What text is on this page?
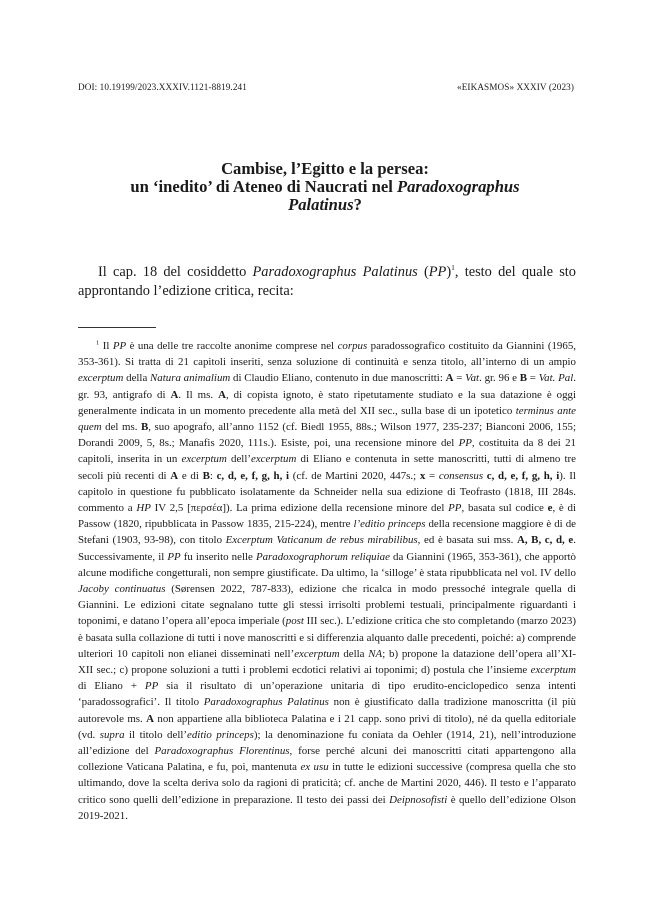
DOI: 10.19199/2023.XXXIV.1121-8819.241	«EIKASMOS» XXXIV (2023)
Cambise, l’Egitto e la persea:
un ‘inedito’ di Ateneo di Naucrati nel Paradoxographus
Palatinus?

Il cap. 18 del cosiddetto Paradoxographus Palatinus (PP)$^1$, testo del quale sto approntando l’edizione critica, recita:

$^1$ Il PP è una delle tre raccolte anonime comprese nel corpus paradossografico costituito da Giannini (1965, 353-361). Si tratta di 21 capitoli inseriti, senza soluzione di continuità e senza titolo, all’interno di un ampio excerptum della Natura animalium di Claudio Eliano, contenuto in due manoscritti: A = Vat. gr. 96 e B = Vat. Pal. gr. 93, antigrafo di A. Il ms. A, di copista ignoto, è stato ripetutamente studiato e la sua datazione è oggi generalmente indicata in un momento precedente alla metà del XII sec., sulla base di un ipotetico terminus ante quem del ms. B, suo apografo, all’anno 1152 (cf. Biedl 1955, 88s.; Wilson 1977, 235-237; Bianconi 2006, 155; Dorandi 2009, 5, 8s.; Manafis 2020, 111s.). Esiste, poi, una recensione minore del PP, costituita da 8 dei 21 capitoli, inserita in un excerptum dell’excerptum di Eliano e contenuta in sette manoscritti, tutti di almeno tre secoli più recenti di A e di B: c, d, e, f, g, h, i (cf. de Martini 2020, 447s.; x = consensus c, d, e, f, g, h, i). Il capitolo in questione fu pubblicato isolatamente da Schneider nella sua edizione di Teofrasto (1818, III 284s. commento a HP IV 2,5 [περσέα]). La prima edizione della recensione minore del PP, basata sul codice e, è di Passow (1820, ripubblicata in Passow 1835, 215-224), mentre l’editio princeps della recensione maggiore è di de Stefani (1903, 93-98), con titolo Excerptum Vaticanum de rebus mirabilibus, ed è basata sui mss. A, B, c, d, e. Successivamente, il PP fu inserito nelle Paradoxographorum reliquiae da Giannini (1965, 353-361), che apportò alcune modifiche congetturali, non sempre giustificate. Da ultimo, la ‘silloge’ è stata ripubblicata nel vol. IV dello Jacoby continuatus (Sørensen 2022, 787-833), edizione che ricalca in modo pressoché integrale quella di Giannini. Le edizioni citate segnalano tutte gli stessi irrisolti problemi testuali, principalmente riguardanti i toponimi, e datano l’opera all’epoca imperiale (post III sec.). L’edizione critica che sto completando (marzo 2023) è basata sulla collazione di tutti i nove manoscritti e si differenzia alquanto dalle precedenti, poiché: a) comprende ulteriori 10 capitoli non elianei disseminati nell’excerptum della NA; b) propone la datazione dell’opera all’XI-XII sec.; c) propone soluzioni a tutti i problemi ecdotici relativi ai toponimi; d) postula che l’insieme excerptum di Eliano + PP sia il risultato di un’operazione unitaria di tipo erudito-enciclopedico senza intenti ‘paradossografici’. Il titolo Paradoxographus Palatinus non è giustificato dalla tradizione manoscritta (il più autorevole ms. A non appartiene alla biblioteca Palatina e i 21 capp. sono privi di titolo), né da quella editoriale (vd. supra il titolo dell’editio princeps); la denominazione fu coniata da Oehler (1914, 21), nell’introduzione all’edizione del Paradoxographus Florentinus, forse perché alcuni dei manoscritti citati appartengono alla collezione Vaticana Palatina, e fu, poi, mantenuta ex usu in tutte le edizioni successive (compresa quella che sto ultimando, dove la scelta deriva solo da ragioni di praticità; cf. anche de Martini 2020, 446). Il testo e l’apparato critico sono quelli dell’edizione in preparazione. Il testo dei passi dei Deipnosofisti è quello dell’edizione Olson 2019-2021.
